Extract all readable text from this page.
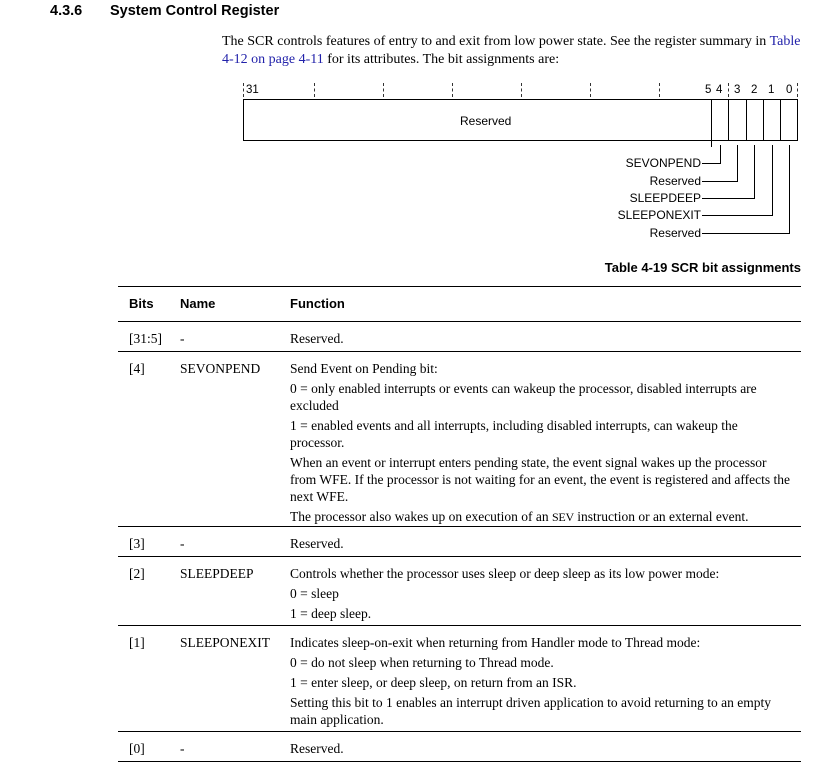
4.3.6 System Control Register
The SCR controls features of entry to and exit from low power state. See the register summary in Table 4-12 on page 4-11 for its attributes. The bit assignments are:
31	5 4 3 2 1 0
Reserved
SEVONPEND
Reserved
SLEEPDEEP
SLEEPONEXIT
Reserved
Table 4-19 SCR bit assignments
Bits Name	Function
[31:5] -	Reserved.

[4]	SEVONPEND Send Event on Pending bit:

0 = only enabled interrupts or events can wakeup the processor, disabled interrupts are excluded

1 = enabled events and all interrupts, including disabled interrupts, can wakeup the processor.

When an event or interrupt enters pending state, the event signal wakes up the processor from WFE. If the processor is not waiting for an event, the event is registered and affects the next WFE.

The processor also wakes up on execution of an SEV instruction or an external event.

[3]	-	Reserved.

[2]	SLEEPDEEP	Controls whether the processor uses sleep or deep sleep as its low power mode:

0 = sleep

1 = deep sleep.

[1]	SLEEPONEXIT Indicates sleep-on-exit when returning from Handler mode to Thread mode:

0 = do not sleep when returning to Thread mode.

1 = enter sleep, or deep sleep, on return from an ISR.

Setting this bit to 1 enables an interrupt driven application to avoid returning to an empty main application.

[0]	-	Reserved.
